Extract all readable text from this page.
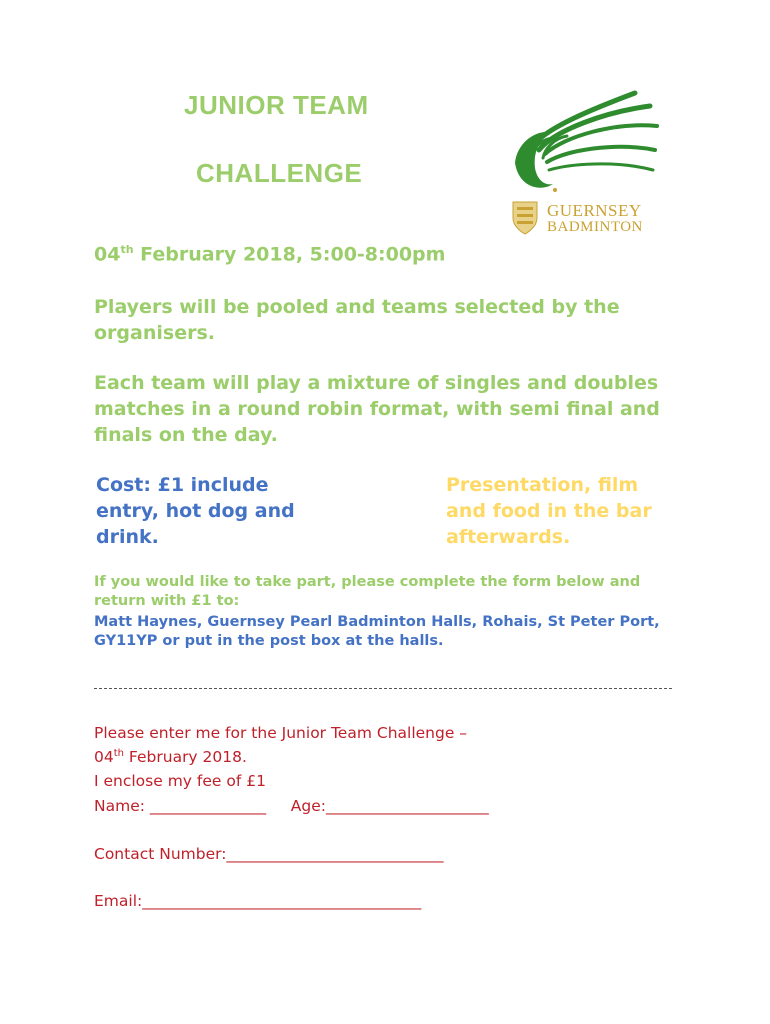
JUNIOR TEAM
CHALLENGE
GUERNSEY
BADMINTON
04th February 2018, 5:00-8:00pm
Players will be pooled and teams selected by the organisers.
Each team will play a mixture of singles and doubles matches in a round robin format, with semi final and finals on the day.
Cost: £1 include entry, hot dog and drink.
Presentation, film and food in the bar afterwards.
If you would like to take part, please complete the form below and return with £1 to:
Matt Haynes, Guernsey Pearl Badminton Halls, Rohais, St Peter Port, GY11YP or put in the post box at the halls.
Please enter me for the Junior Team Challenge –
04th February 2018.
I enclose my fee of £1
Name: _______________     Age:_____________________
Contact Number:____________________________
Email:____________________________________
